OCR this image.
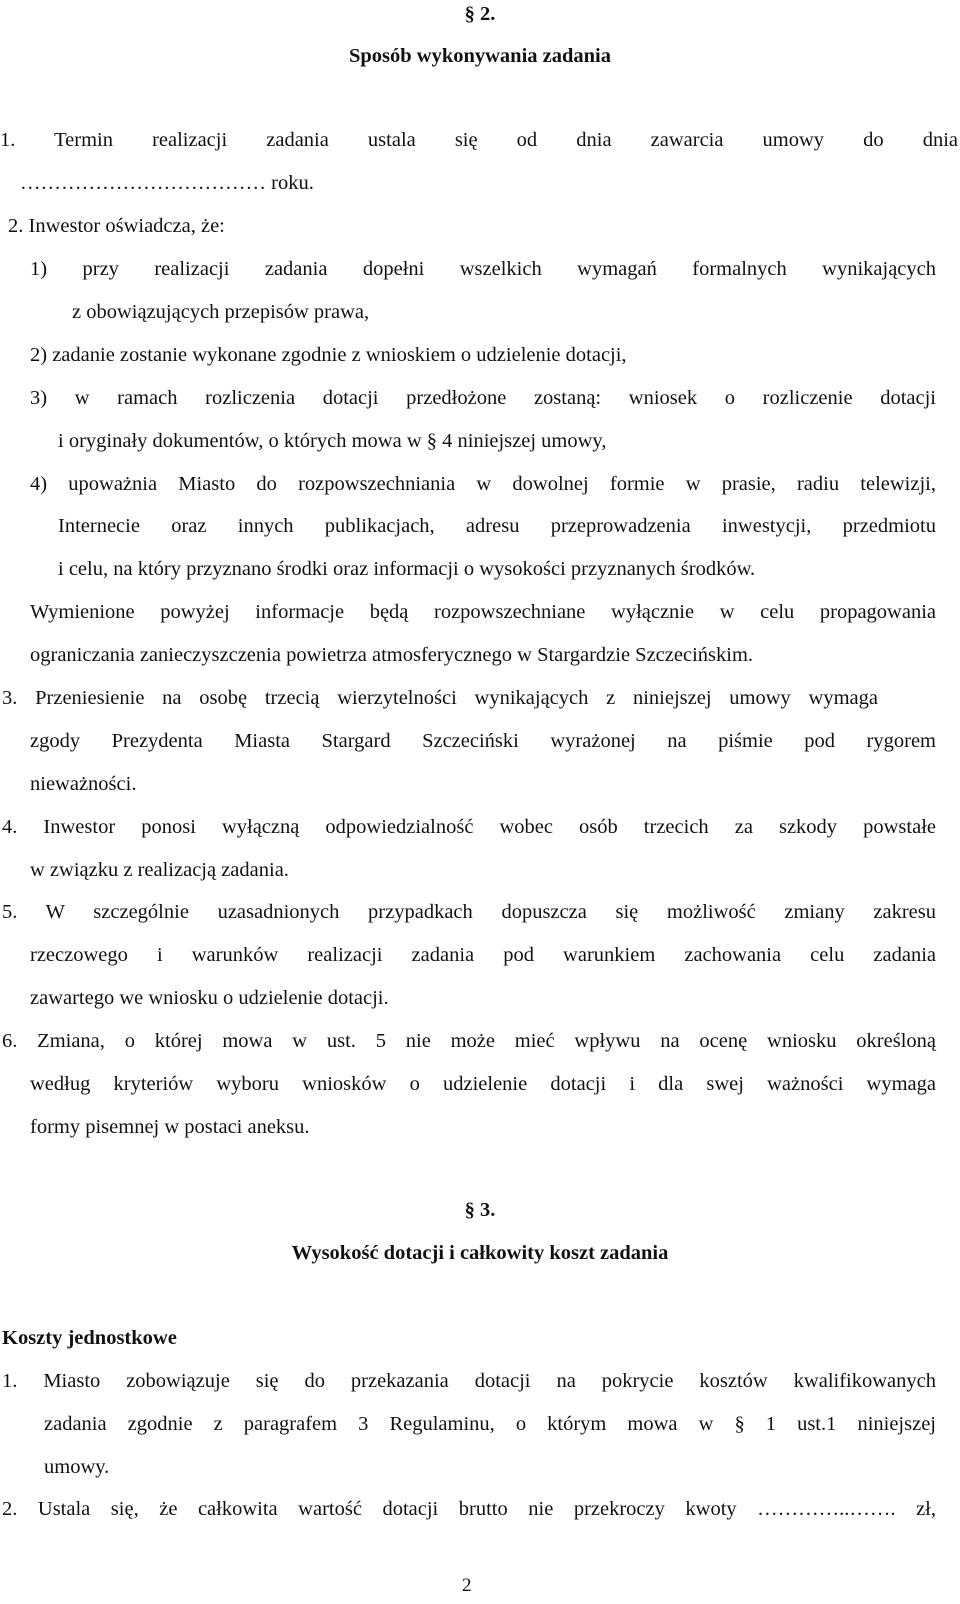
§ 2.
Sposób wykonywania zadania
1. Termin realizacji zadania ustala się od dnia zawarcia umowy do dnia
……………………………… roku.
2. Inwestor oświadcza, że:
1) przy realizacji zadania dopełni wszelkich wymagań formalnych wynikających
z obowiązujących przepisów prawa,
2) zadanie zostanie wykonane zgodnie z wnioskiem o udzielenie dotacji,
3) w ramach rozliczenia dotacji przedłożone zostaną: wniosek o rozliczenie dotacji
i oryginały dokumentów, o których mowa w § 4 niniejszej umowy,
4) upoważnia Miasto do rozpowszechniania w dowolnej formie w prasie, radiu telewizji,
Internecie oraz innych publikacjach, adresu przeprowadzenia inwestycji, przedmiotu
i celu, na który przyznano środki oraz informacji o wysokości przyznanych środków.
Wymienione powyżej informacje będą rozpowszechniane wyłącznie w celu propagowania
ograniczania zanieczyszczenia powietrza atmosferycznego w Stargardzie Szczecińskim.
3. Przeniesienie na osobę trzecią wierzytelności wynikających z niniejszej umowy wymaga
zgody Prezydenta Miasta Stargard Szczeciński wyrażonej na piśmie pod rygorem
nieważności.
4. Inwestor ponosi wyłączną odpowiedzialność wobec osób trzecich za szkody powstałe
w związku z realizacją zadania.
5. W szczególnie uzasadnionych przypadkach dopuszcza się możliwość zmiany zakresu
rzeczowego i warunków realizacji zadania pod warunkiem zachowania celu zadania
zawartego we wniosku o udzielenie dotacji.
6. Zmiana, o której mowa w ust. 5 nie może mieć wpływu na ocenę wniosku określoną
według kryteriów wyboru wniosków o udzielenie dotacji i dla swej ważności wymaga
formy pisemnej w postaci aneksu.
§ 3.
Wysokość dotacji i całkowity koszt zadania
Koszty jednostkowe
1. Miasto zobowiązuje się do przekazania dotacji na pokrycie kosztów kwalifikowanych
zadania zgodnie z paragrafem 3 Regulaminu, o którym mowa w § 1 ust.1 niniejszej
umowy.
2. Ustala się, że całkowita wartość dotacji brutto nie przekroczy kwoty …………..……. zł,
2
